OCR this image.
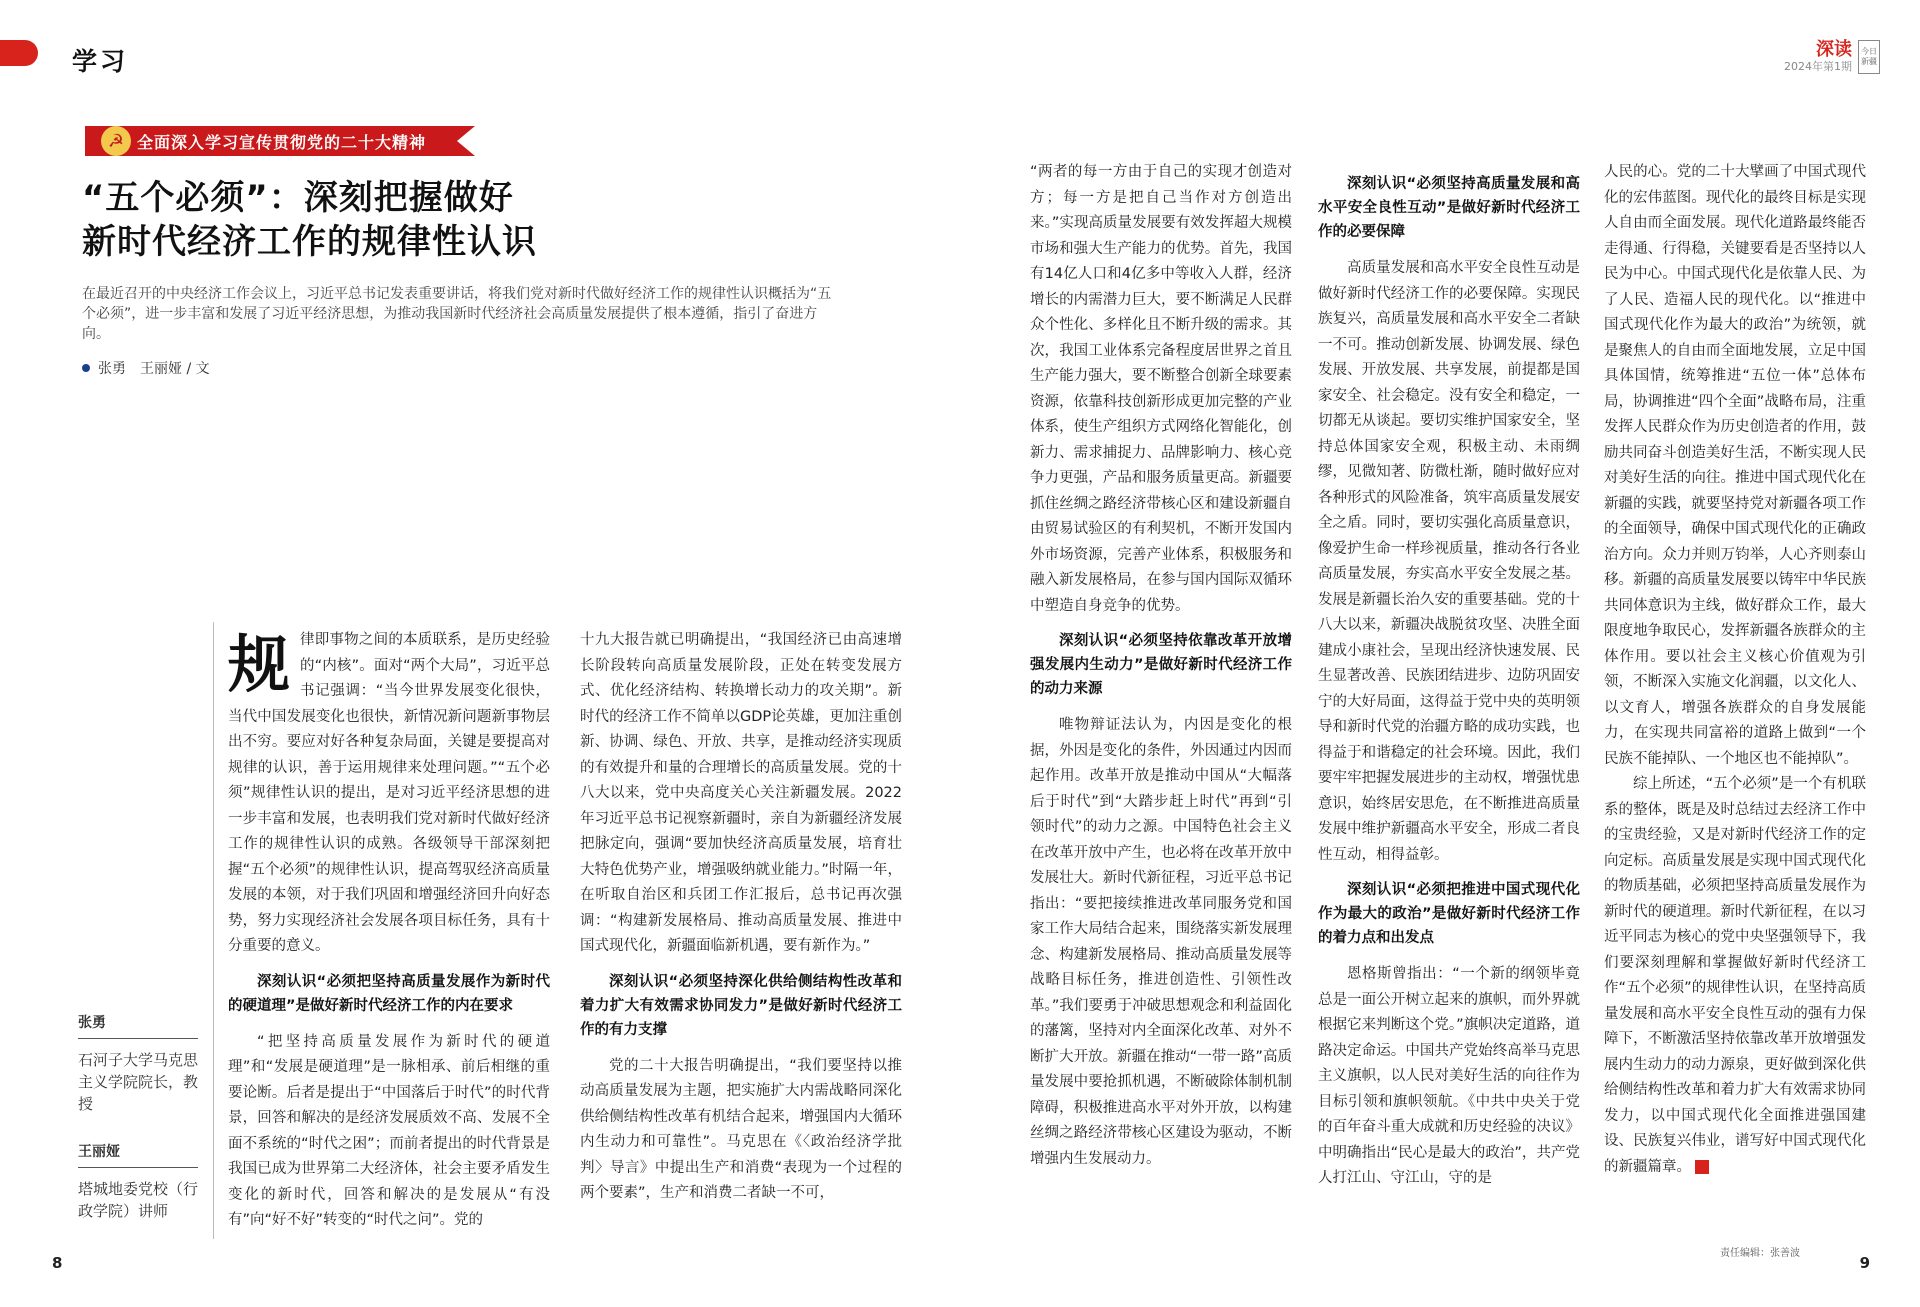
学习	深读
2024年第1期
今日
新疆
☭ 全面深入学习宣传贯彻党的二十大精神
“五个必须”：深刻把握做好
新时代经济工作的规律性认识
在最近召开的中央经济工作会议上，习近平总书记发表重要讲话，将我们党对新时代做好经济工作的规律性认识概括为“五个必须”，进一步丰富和发展了习近平经济思想，为推动我国新时代经济社会高质量发展提供了根本遵循，指引了奋进方向。
张勇　王丽娅 / 文
张勇
石河子大学马克思主义学院院长，教授
王丽娅
塔城地委党校（行政学院）讲师

规律即事物之间的本质联系，是历史经验的“内核”。面对“两个大局”，习近平总书记强调：“当今世界发展变化很快，当代中国发展变化也很快，新情况新问题新事物层出不穷。要应对好各种复杂局面，关键是要提高对规律的认识，善于运用规律来处理问题。”“五个必须”规律性认识的提出，是对习近平经济思想的进一步丰富和发展，也表明我们党对新时代做好经济工作的规律性认识的成熟。各级领导干部深刻把握“五个必须”的规律性认识，提高驾驭经济高质量发展的本领，对于我们巩固和增强经济回升向好态势，努力实现经济社会发展各项目标任务，具有十分重要的意义。

深刻认识“必须把坚持高质量发展作为新时代的硬道理”是做好新时代经济工作的内在要求

“把坚持高质量发展作为新时代的硬道理”和“发展是硬道理”是一脉相承、前后相继的重要论断。后者是提出于“中国落后于时代”的时代背景，回答和解决的是经济发展质效不高、发展不全面不系统的“时代之困”；而前者提出的时代背景是我国已成为世界第二大经济体，社会主要矛盾发生变化的新时代，回答和解决的是发展从“有没有”向“好不好”转变的“时代之问”。党的

十九大报告就已明确提出，“我国经济已由高速增长阶段转向高质量发展阶段，正处在转变发展方式、优化经济结构、转换增长动力的攻关期”。新时代的经济工作不简单以GDP论英雄，更加注重创新、协调、绿色、开放、共享，是推动经济实现质的有效提升和量的合理增长的高质量发展。党的十八大以来，党中央高度关心关注新疆发展。2022年习近平总书记视察新疆时，亲自为新疆经济发展把脉定向，强调“要加快经济高质量发展，培育壮大特色优势产业，增强吸纳就业能力。”时隔一年，在听取自治区和兵团工作汇报后，总书记再次强调：“构建新发展格局、推动高质量发展、推进中国式现代化，新疆面临新机遇，要有新作为。”

深刻认识“必须坚持深化供给侧结构性改革和着力扩大有效需求协同发力”是做好新时代经济工作的有力支撑

党的二十大报告明确提出，“我们要坚持以推动高质量发展为主题，把实施扩大内需战略同深化供给侧结构性改革有机结合起来，增强国内大循环内生动力和可靠性”。马克思在《〈政治经济学批判〉导言》中提出生产和消费“表现为一个过程的两个要素”，生产和消费二者缺一不可，

“两者的每一方由于自己的实现才创造对方；每一方是把自己当作对方创造出来。”实现高质量发展要有效发挥超大规模市场和强大生产能力的优势。首先，我国有14亿人口和4亿多中等收入人群，经济增长的内需潜力巨大，要不断满足人民群众个性化、多样化且不断升级的需求。其次，我国工业体系完备程度居世界之首且生产能力强大，要不断整合创新全球要素资源，依靠科技创新形成更加完整的产业体系，使生产组织方式网络化智能化，创新力、需求捕捉力、品牌影响力、核心竞争力更强，产品和服务质量更高。新疆要抓住丝绸之路经济带核心区和建设新疆自由贸易试验区的有利契机，不断开发国内外市场资源，完善产业体系，积极服务和融入新发展格局，在参与国内国际双循环中塑造自身竞争的优势。

深刻认识“必须坚持依靠改革开放增强发展内生动力”是做好新时代经济工作的动力来源

唯物辩证法认为，内因是变化的根据，外因是变化的条件，外因通过内因而起作用。改革开放是推动中国从“大幅落后于时代”到“大踏步赶上时代”再到“引领时代”的动力之源。中国特色社会主义在改革开放中产生，也必将在改革开放中发展壮大。新时代新征程，习近平总书记指出：“要把接续推进改革同服务党和国家工作大局结合起来，围绕落实新发展理念、构建新发展格局、推动高质量发展等战略目标任务，推进创造性、引领性改革。”我们要勇于冲破思想观念和利益固化的藩篱，坚持对内全面深化改革、对外不断扩大开放。新疆在推动“一带一路”高质量发展中要抢抓机遇，不断破除体制机制障碍，积极推进高水平对外开放，以构建丝绸之路经济带核心区建设为驱动，不断增强内生发展动力。

深刻认识“必须坚持高质量发展和高水平安全良性互动”是做好新时代经济工作的必要保障

高质量发展和高水平安全良性互动是做好新时代经济工作的必要保障。实现民族复兴，高质量发展和高水平安全二者缺一不可。推动创新发展、协调发展、绿色发展、开放发展、共享发展，前提都是国家安全、社会稳定。没有安全和稳定，一切都无从谈起。要切实维护国家安全，坚持总体国家安全观，积极主动、未雨绸缪，见微知著、防微杜渐，随时做好应对各种形式的风险准备，筑牢高质量发展安全之盾。同时，要切实强化高质量意识，像爱护生命一样珍视质量，推动各行各业高质量发展，夯实高水平安全发展之基。发展是新疆长治久安的重要基础。党的十八大以来，新疆决战脱贫攻坚、决胜全面建成小康社会，呈现出经济快速发展、民生显著改善、民族团结进步、边防巩固安宁的大好局面，这得益于党中央的英明领导和新时代党的治疆方略的成功实践，也得益于和谐稳定的社会环境。因此，我们要牢牢把握发展进步的主动权，增强忧患意识，始终居安思危，在不断推进高质量发展中维护新疆高水平安全，形成二者良性互动，相得益彰。

深刻认识“必须把推进中国式现代化作为最大的政治”是做好新时代经济工作的着力点和出发点

恩格斯曾指出：“一个新的纲领毕竟总是一面公开树立起来的旗帜，而外界就根据它来判断这个党。”旗帜决定道路，道路决定命运。中国共产党始终高举马克思主义旗帜，以人民对美好生活的向往作为目标引领和旗帜领航。《中共中央关于党的百年奋斗重大成就和历史经验的决议》中明确指出“民心是最大的政治”，共产党人打江山、守江山，守的是

人民的心。党的二十大擘画了中国式现代化的宏伟蓝图。现代化的最终目标是实现人自由而全面发展。现代化道路最终能否走得通、行得稳，关键要看是否坚持以人民为中心。中国式现代化是依靠人民、为了人民、造福人民的现代化。以“推进中国式现代化作为最大的政治”为统领，就是聚焦人的自由而全面地发展，立足中国具体国情，统筹推进“五位一体”总体布局，协调推进“四个全面”战略布局，注重发挥人民群众作为历史创造者的作用，鼓励共同奋斗创造美好生活，不断实现人民对美好生活的向往。推进中国式现代化在新疆的实践，就要坚持党对新疆各项工作的全面领导，确保中国式现代化的正确政治方向。众力并则万钧举，人心齐则泰山移。新疆的高质量发展要以铸牢中华民族共同体意识为主线，做好群众工作，最大限度地争取民心，发挥新疆各族群众的主体作用。要以社会主义核心价值观为引领，不断深入实施文化润疆，以文化人、以文育人，增强各族群众的自身发展能力，在实现共同富裕的道路上做到“一个民族不能掉队、一个地区也不能掉队”。

综上所述，“五个必须”是一个有机联系的整体，既是及时总结过去经济工作中的宝贵经验，又是对新时代经济工作的定向定标。高质量发展是实现中国式现代化的物质基础，必须把坚持高质量发展作为新时代的硬道理。新时代新征程，在以习近平同志为核心的党中央坚强领导下，我们要深刻理解和掌握做好新时代经济工作“五个必须”的规律性认识，在坚持高质量发展和高水平安全良性互动的强有力保障下，不断激活坚持依靠改革开放增强发展内生动力的动力源泉，更好做到深化供给侧结构性改革和着力扩大有效需求协同发力，以中国式现代化全面推进强国建设、民族复兴伟业，谱写好中国式现代化的新疆篇章。

8
责任编辑：张善波
9
